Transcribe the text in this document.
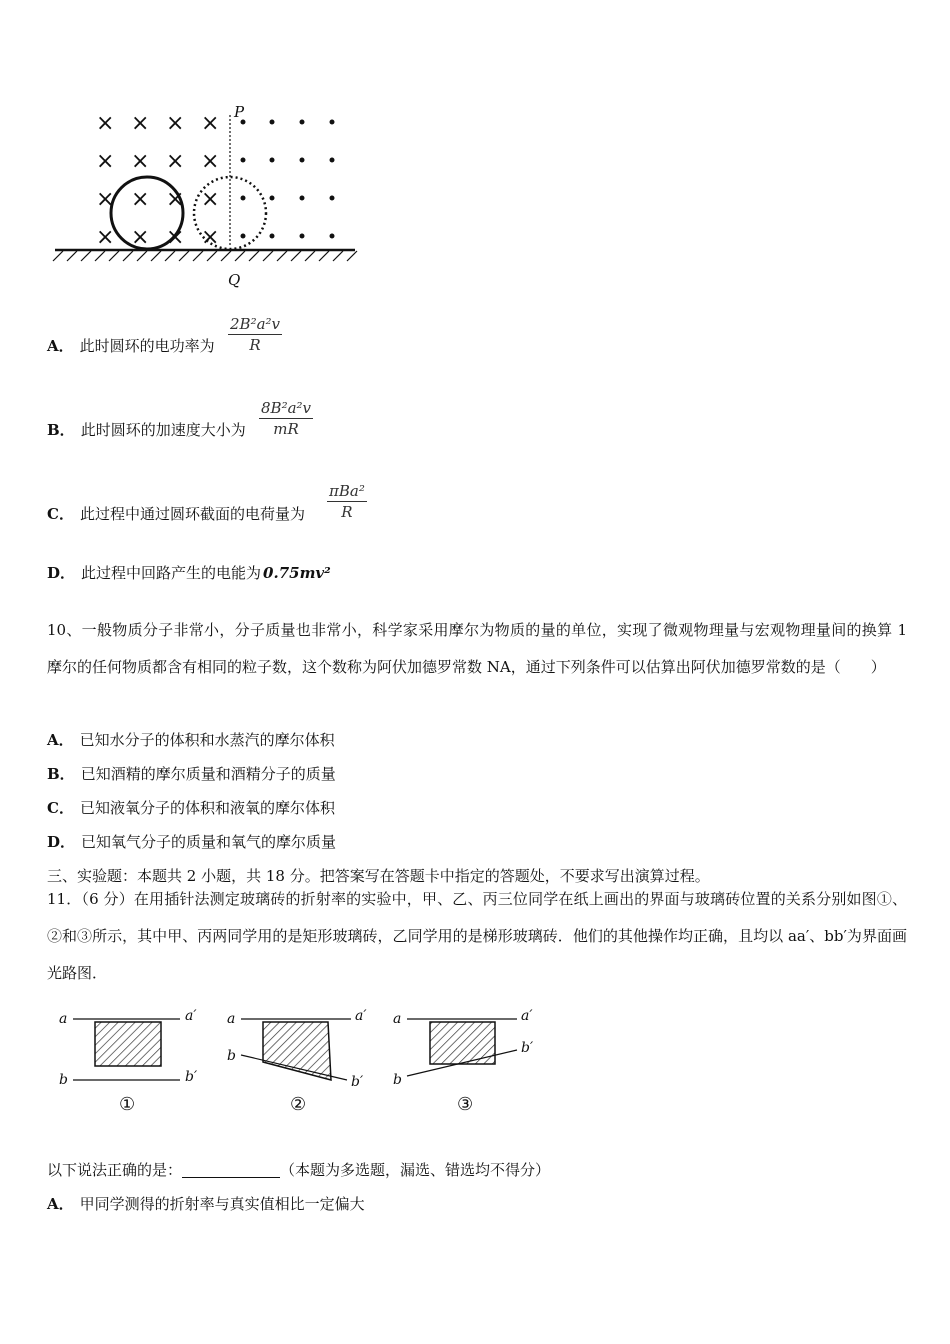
× × × ×
× × × ×
× × × ×
× × × ×
P
Q
A． 此时圆环的电功率为
2B²a²v
R
B． 此时圆环的加速度大小为
8B²a²v
mR
C． 此过程中通过圆环截面的电荷量为
πBa²
R
D． 此过程中回路产生的电能为 0.75mv²
10、一般物质分子非常小，分子质量也非常小，科学家采用摩尔为物质的量的单位，实现了微观物理量与宏观物理量间的换算 1 摩尔的任何物质都含有相同的粒子数，这个数称为阿伏加德罗常数 NA，通过下列条件可以估算出阿伏加德罗常数的是（　　）
A． 已知水分子的体积和水蒸汽的摩尔体积
B． 已知酒精的摩尔质量和酒精分子的质量
C． 已知液氧分子的体积和液氧的摩尔体积
D． 已知氧气分子的质量和氧气的摩尔质量
三、实验题：本题共 2 小题，共 18 分。把答案写在答题卡中指定的答题处，不要求写出演算过程。
11．（6 分）在用插针法测定玻璃砖的折射率的实验中，甲、乙、丙三位同学在纸上画出的界面与玻璃砖位置的关系分别如图①、②和③所示，其中甲、丙两同学用的是矩形玻璃砖，乙同学用的是梯形玻璃砖．他们的其他操作均正确，且均以 aa′、bb′为界面画光路图．
a	a′
b	b′
①
a	a′
b
b′
②
a	a′
b
b′
③
以下说法正确的是：	（本题为多选题，漏选、错选均不得分）
A． 甲同学测得的折射率与真实值相比一定偏大
